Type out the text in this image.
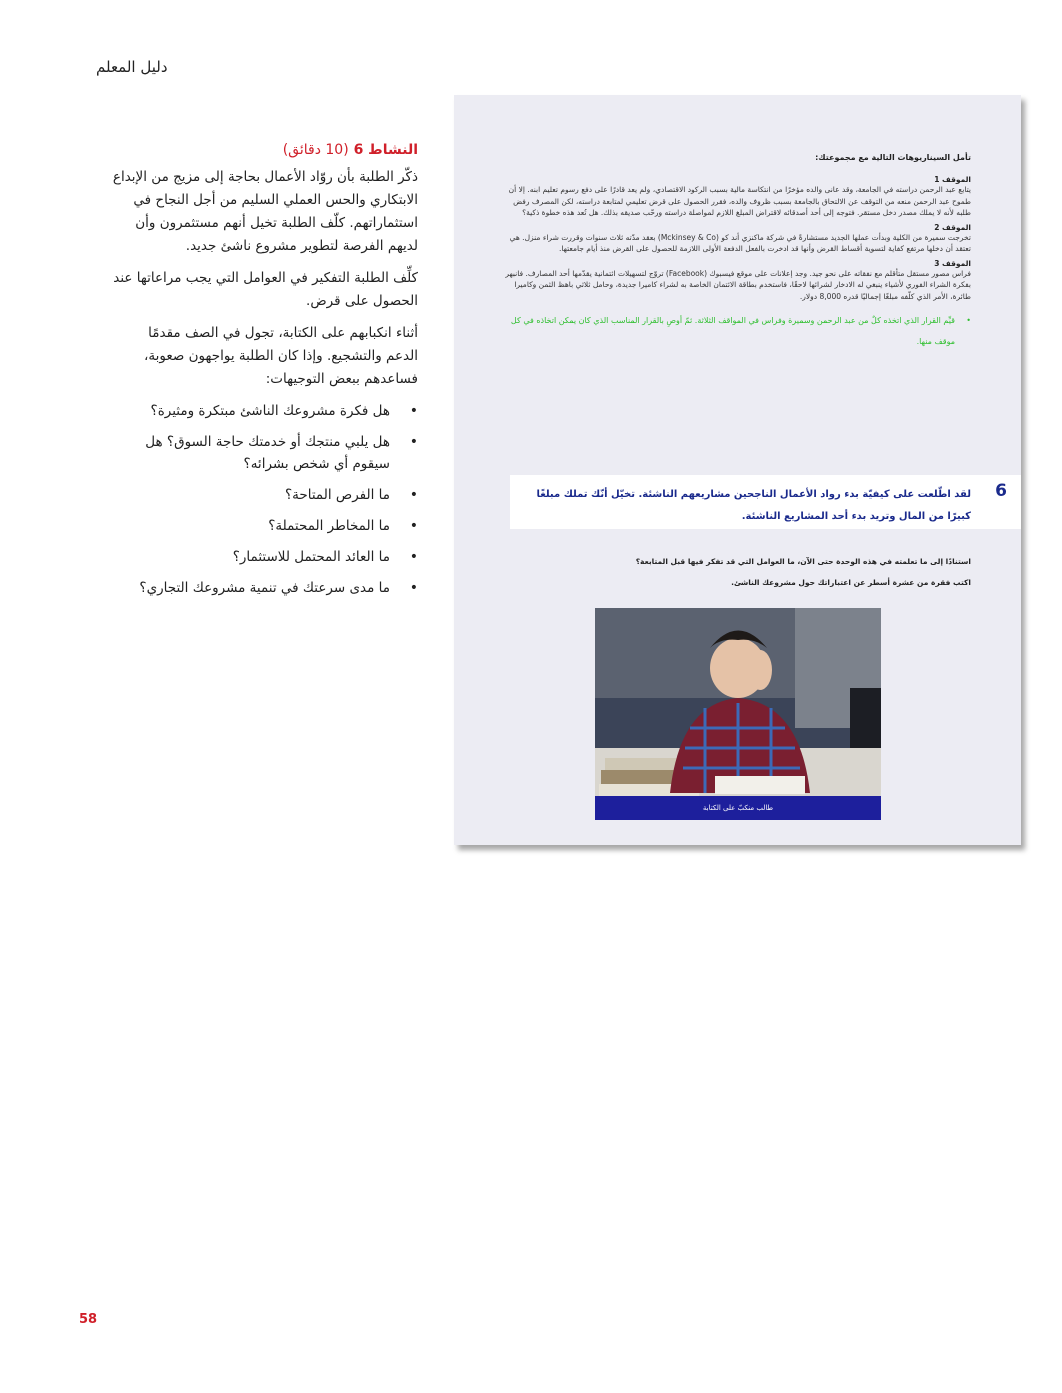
دليل المعلم

النشاط 6 (10 دقائق)

ذكّر الطلبة بأن روّاد الأعمال بحاجة إلى مزيج من الإبداع الابتكاري والحس العملي السليم من أجل النجاح في استثماراتهم. كلّف الطلبة تخيل أنهم مستثمرون وأن لديهم الفرصة لتطوير مشروع ناشئ جديد.

كلِّف الطلبة التفكير في العوامل التي يجب مراعاتها عند الحصول على قرض.

أثناء انكبابهم على الكتابة، تجول في الصف مقدمًا الدعم والتشجيع. وإذا كان الطلبة يواجهون صعوبة، فساعدهم ببعض التوجيهات:

• هل فكرة مشروعك الناشئ مبتكرة ومثيرة؟
• هل يلبي منتجك أو خدمتك حاجة السوق؟ هل سيقوم أي شخص بشرائه؟
• ما الفرص المتاحة؟
• ما المخاطر المحتملة؟
• ما العائد المحتمل للاستثمار؟
• ما مدى سرعتك في تنمية مشروعك التجاري؟
تأمل السيناريوهات التالية مع مجموعتك:

الموقف 1

يتابع عبد الرحمن دراسته في الجامعة، وقد عانى والده مؤخرًا من انتكاسة مالية بسبب الركود الاقتصادي، ولم يعد قادرًا على دفع رسوم تعليم ابنه. إلا أن طموح عبد الرحمن منعه من التوقف عن الالتحاق بالجامعة بسبب ظروف والده، فقرر الحصول على قرض تعليمي لمتابعة دراسته، لكن المصرف رفض طلبه لأنه لا يملك مصدر دخل مستقر. فتوجه إلى أحد أصدقائه لاقتراض المبلغ اللازم لمواصلة دراسته ورحّب صديقه بذلك. هل تُعد هذه خطوة ذكية؟

الموقف 2

تخرجت سميرة من الكلية وبدأت عملها الجديد مستشارةً في شركة ماكنزي أند كو (Mckinsey & Co) بعقد مدّته ثلاث سنوات وقررت شراء منزل. هي تعتقد أن دخلها مرتفع كفاية لتسوية أقساط القرض وأنها قد ادخرت بالفعل الدفعة الأولى اللازمة للحصول على القرض منذ أيام جامعتها.

الموقف 3

فراس مصور مستقل متأقلم مع نفقاته على نحو جيد. وجد إعلانات على موقع فيسبوك (Facebook) تروّج لتسهيلات ائتمانية يقدّمها أحد المصارف. فانبهر بفكرة الشراء الفوري لأشياء ينبغي له الادخار لشرائها لاحقًا، فاستخدم بطاقة الائتمان الخاصة به لشراء كاميرا جديدة، وحامل ثلاثي باهظ الثمن وكاميرا طائرة، الأمر الذي كلّفه مبلغًا إجماليًا قدره 8,000 دولار.

•
قيِّم القرار الذي اتخذه كلٌ من عبد الرحمن وسميرة وفراس في المواقف الثلاثة. ثمّ أوصِ بالقرار المناسب الذي كان يمكن اتخاذه في كل موقف منها.

6
لقد اطّلعت على كيفيّة بدء رواد الأعمال الناجحين مشاريعهم الناشئة. تخيّل أنّك تملك مبلغًا كبيرًا من المال وتريد بدء أحد المشاريع الناشئة.

استنادًا إلى ما تعلمته في هذه الوحدة حتى الآن، ما العوامل التي قد تفكر فيها قبل المتابعة؟

اكتب فقرة من عشرة أسطر عن اعتباراتك حول مشروعك الناشئ.

طالب منكبّ على الكتابة
58
